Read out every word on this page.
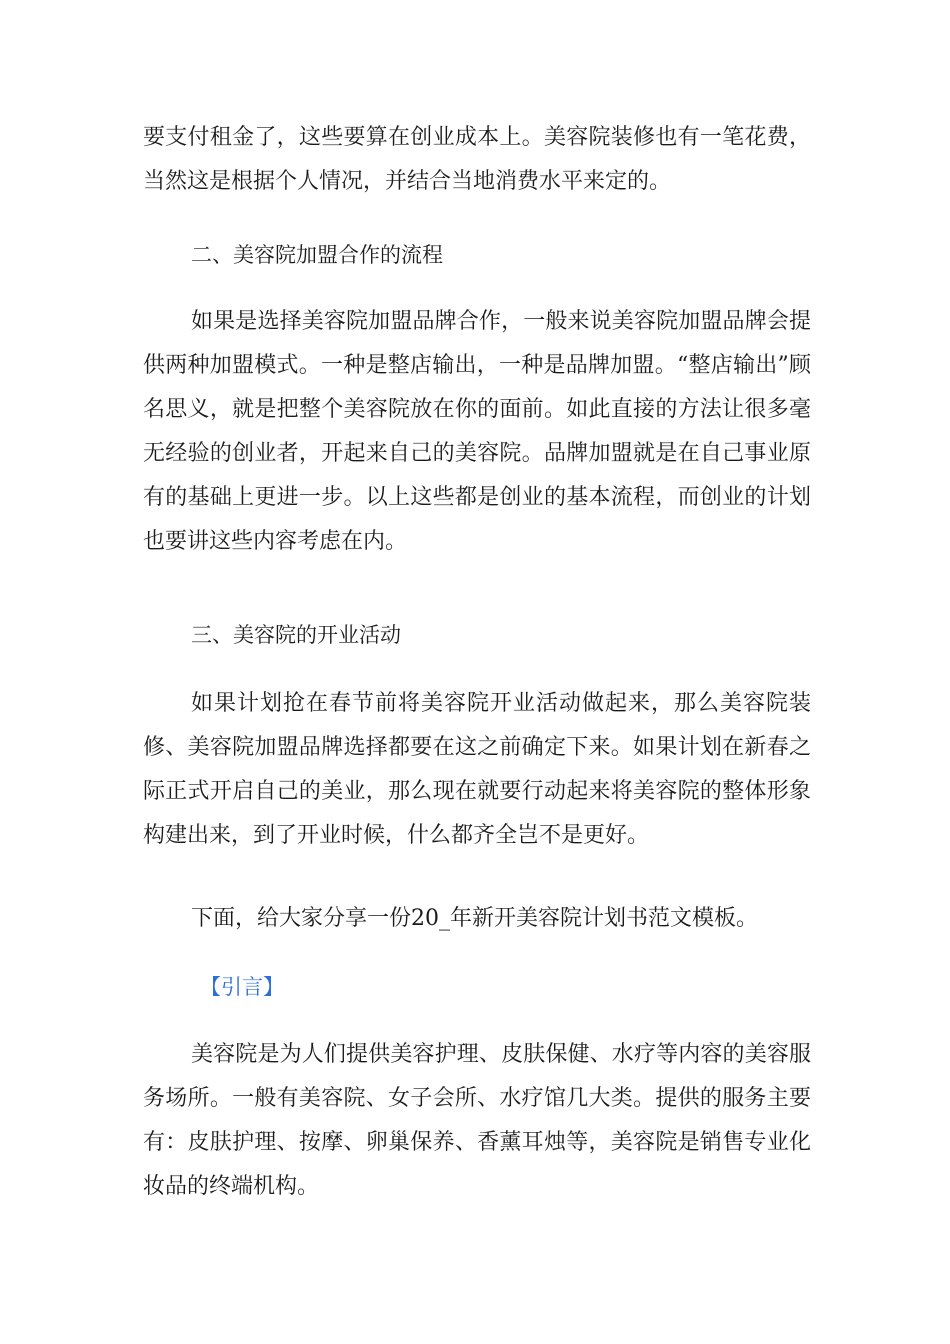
要支付租金了，这些要算在创业成本上。美容院装修也有一笔花费，当然这是根据个人情况，并结合当地消费水平来定的。

二、美容院加盟合作的流程

如果是选择美容院加盟品牌合作，一般来说美容院加盟品牌会提供两种加盟模式。一种是整店输出，一种是品牌加盟。“整店输出”顾名思义，就是把整个美容院放在你的面前。如此直接的方法让很多毫无经验的创业者，开起来自己的美容院。品牌加盟就是在自己事业原有的基础上更进一步。以上这些都是创业的基本流程，而创业的计划也要讲这些内容考虑在内。

三、美容院的开业活动

如果计划抢在春节前将美容院开业活动做起来，那么美容院装修、美容院加盟品牌选择都要在这之前确定下来。如果计划在新春之际正式开启自己的美业，那么现在就要行动起来将美容院的整体形象构建出来，到了开业时候，什么都齐全岂不是更好。

下面，给大家分享一份20_年新开美容院计划书范文模板。

【引言】

美容院是为人们提供美容护理、皮肤保健、水疗等内容的美容服务场所。一般有美容院、女子会所、水疗馆几大类。提供的服务主要有：皮肤护理、按摩、卵巢保养、香薰耳烛等，美容院是销售专业化妆品的终端机构。
